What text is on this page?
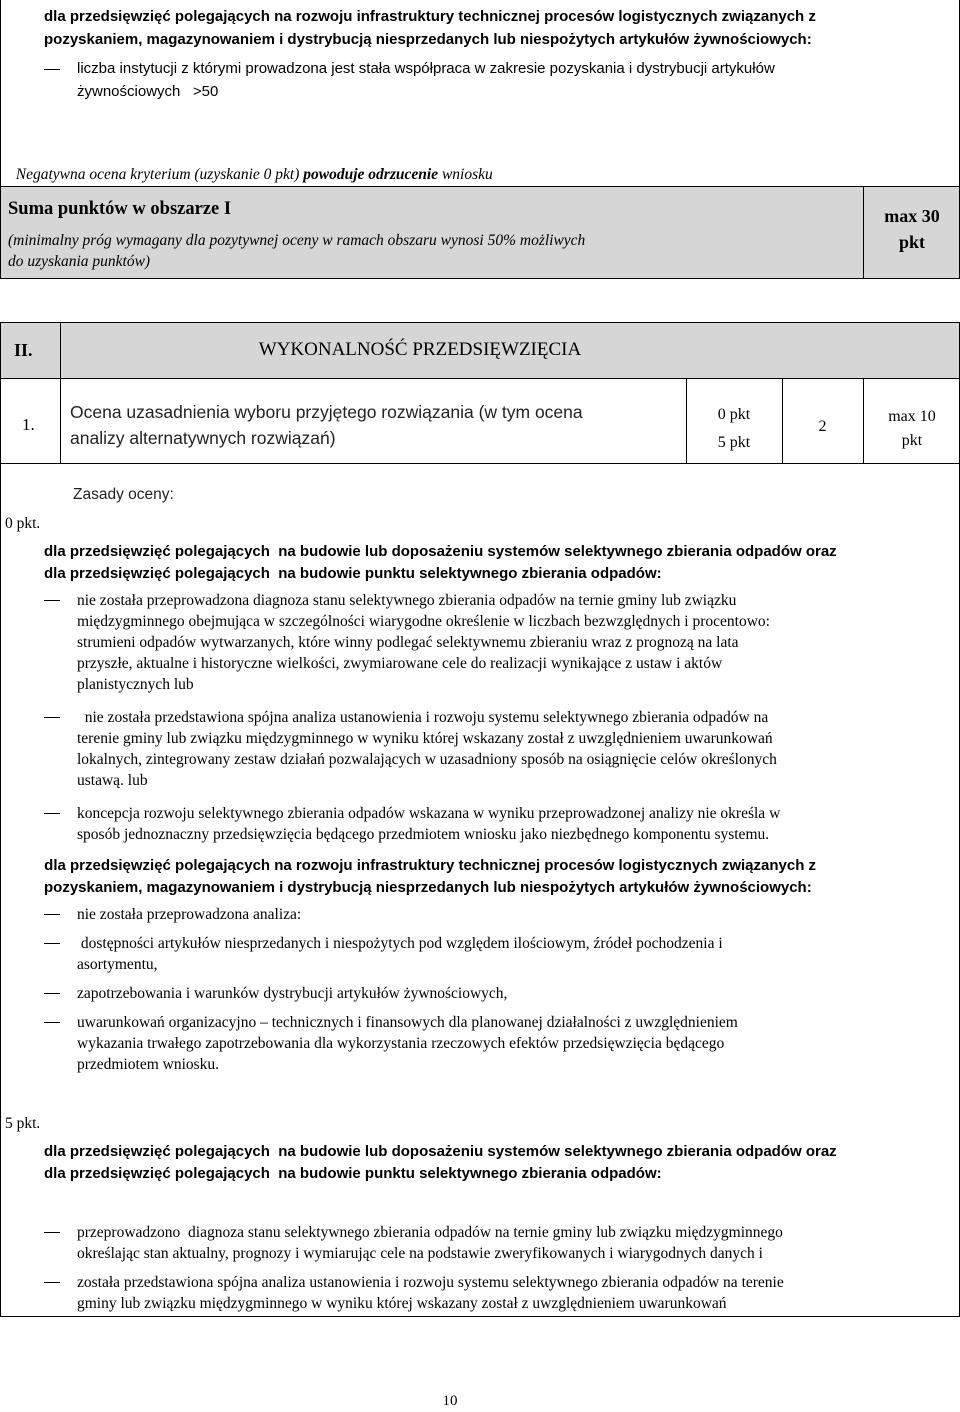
dla przedsięwzięć polegających na rozwoju infrastruktury technicznej procesów logistycznych związanych z
pozyskaniem, magazynowaniem i dystrybucją niesprzedanych lub niespożytych artykułów żywnościowych:
liczba instytucji z którymi prowadzona jest stała współpraca w zakresie pozyskania i dystrybucji artykułów
żywnościowych   >50

Negatywna ocena kryterium (uzyskanie 0 pkt) powoduje odrzucenie wniosku

Suma punktów w obszarze I
(minimalny próg wymagany dla pozytywnej oceny w ramach obszaru wynosi 50% możliwych
do uzyskania punktów)
max 30
pkt
II.	WYKONALNOŚĆ PRZEDSIĘWZIĘCIA
1.
Ocena uzasadnienia wyboru przyjętego rozwiązania (w tym ocena
analizy alternatywnych rozwiązań)
0 pkt
5 pkt
2
max 10
pkt
Zasady oceny:
0 pkt.
dla przedsięwzięć polegających  na budowie lub doposażeniu systemów selektywnego zbierania odpadów oraz
dla przedsięwzięć polegających  na budowie punktu selektywnego zbierania odpadów:
nie została przeprowadzona diagnoza stanu selektywnego zbierania odpadów na ternie gminy lub związku
międzygminnego obejmująca w szczególności wiarygodne określenie w liczbach bezwzględnych i procentowo:
strumieni odpadów wytwarzanych, które winny podlegać selektywnemu zbieraniu wraz z prognozą na lata
przyszłe, aktualne i historyczne wielkości, zwymiarowane cele do realizacji wynikające z ustaw i aktów
planistycznych lub
nie została przedstawiona spójna analiza ustanowienia i rozwoju systemu selektywnego zbierania odpadów na
terenie gminy lub związku międzygminnego w wyniku której wskazany został z uwzględnieniem uwarunkowań
lokalnych, zintegrowany zestaw działań pozwalających w uzasadniony sposób na osiągnięcie celów określonych
ustawą. lub
koncepcja rozwoju selektywnego zbierania odpadów wskazana w wyniku przeprowadzonej analizy nie określa w
sposób jednoznaczny przedsięwzięcia będącego przedmiotem wniosku jako niezbędnego komponentu systemu.
dla przedsięwzięć polegających na rozwoju infrastruktury technicznej procesów logistycznych związanych z
pozyskaniem, magazynowaniem i dystrybucją niesprzedanych lub niespożytych artykułów żywnościowych:
nie została przeprowadzona analiza:
dostępności artykułów niesprzedanych i niespożytych pod względem ilościowym, źródeł pochodzenia i
asortymentu,
zapotrzebowania i warunków dystrybucji artykułów żywnościowych,
uwarunkowań organizacyjno – technicznych i finansowych dla planowanej działalności z uwzględnieniem
wykazania trwałego zapotrzebowania dla wykorzystania rzeczowych efektów przedsięwzięcia będącego
przedmiotem wniosku.
5 pkt.
dla przedsięwzięć polegających  na budowie lub doposażeniu systemów selektywnego zbierania odpadów oraz
dla przedsięwzięć polegających  na budowie punktu selektywnego zbierania odpadów:
przeprowadzono  diagnoza stanu selektywnego zbierania odpadów na ternie gminy lub związku międzygminnego
określając stan aktualny, prognozy i wymiarując cele na podstawie zweryfikowanych i wiarygodnych danych i
została przedstawiona spójna analiza ustanowienia i rozwoju systemu selektywnego zbierania odpadów na terenie
gminy lub związku międzygminnego w wyniku której wskazany został z uwzględnieniem uwarunkowań
10
